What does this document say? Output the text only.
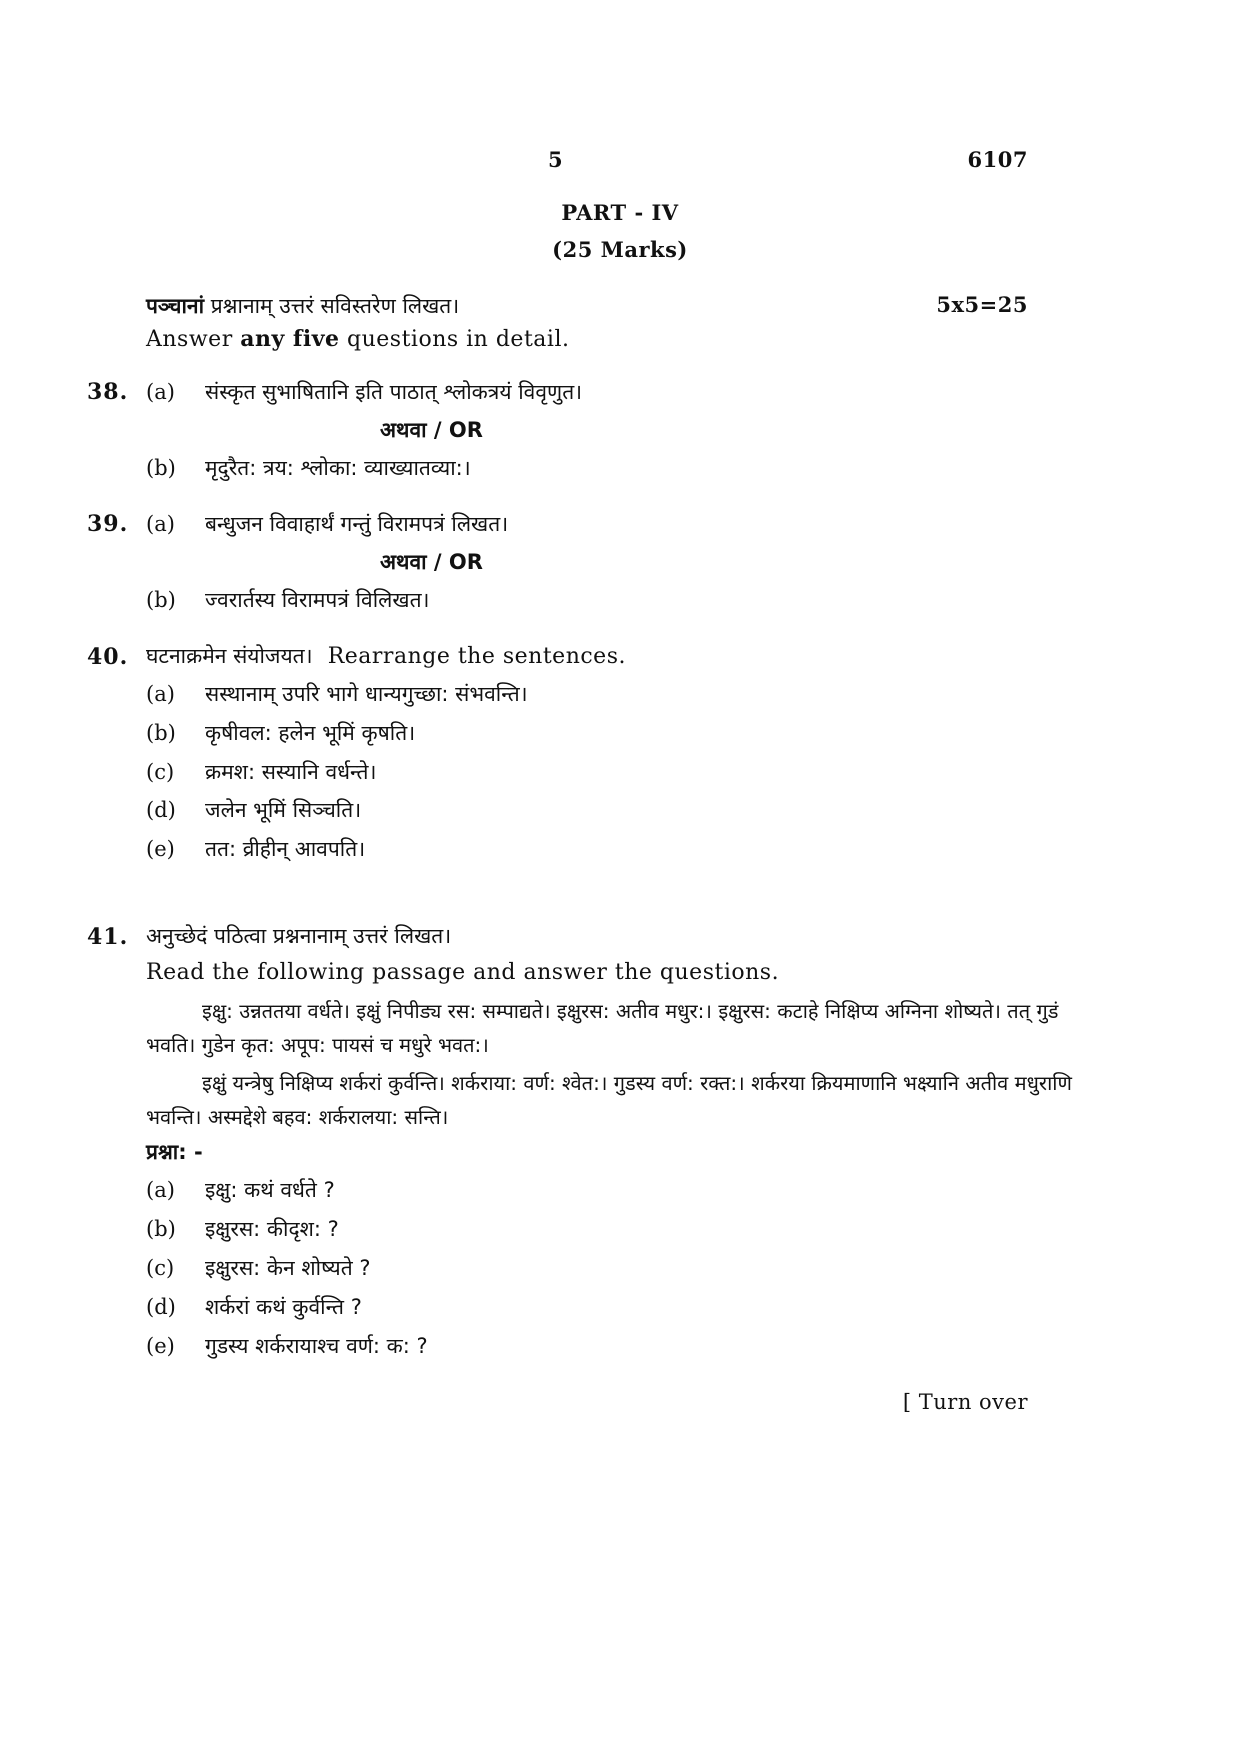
5	6107
PART - IV
(25 Marks)
पञ्चानां प्रश्नानाम् उत्तरं सविस्तरेण लिखत।	5x5=25
Answer any five questions in detail.
38. (a) संस्कृत सुभाषितानि इति पाठात् श्लोकत्रयं विवृणुत।
अथवा / OR
(b) मृदुरैत: त्रय: श्लोका: व्याख्यातव्या:।
39. (a) बन्धुजन विवाहार्थं गन्तुं विरामपत्रं लिखत।
अथवा / OR
(b) ज्वरार्तस्य विरामपत्रं विलिखत।
40. घटनाक्रमेन संयोजयत। Rearrange the sentences.
(a) सस्थानाम् उपरि भागे धान्यगुच्छा: संभवन्ति।
(b) कृषीवल: हलेन भूमिं कृषति।
(c) क्रमश: सस्यानि वर्धन्ते।
(d) जलेन भूमिं सिञ्चति।
(e) तत: व्रीहीन् आवपति।
41. अनुच्छेदं पठित्वा प्रश्ननानाम् उत्तरं लिखत।
Read the following passage and answer the questions.
इक्षु: उन्नततया वर्धते। इक्षुं निपीड्य रस: सम्पाद्यते। इक्षुरस: अतीव मधुर:। इक्षुरस: कटाहे निक्षिप्य अग्निना शोष्यते। तत् गुडं भवति। गुडेन कृत: अपूप: पायसं च मधुरे भवत:।
इक्षुं यन्त्रेषु निक्षिप्य शर्करां कुर्वन्ति। शर्कराया: वर्ण: श्वेत:। गुडस्य वर्ण: रक्त:। शर्करया क्रियमाणानि भक्ष्यानि अतीव मधुराणि भवन्ति। अस्मद्देशे बहव: शर्करालया: सन्ति।
प्रश्ना: -
(a) इक्षु: कथं वर्धते ?
(b) इक्षुरस: कीदृश: ?
(c) इक्षुरस: केन शोष्यते ?
(d) शर्करां कथं कुर्वन्ति ?
(e) गुडस्य शर्करायाश्च वर्ण: क: ?
[ Turn over
